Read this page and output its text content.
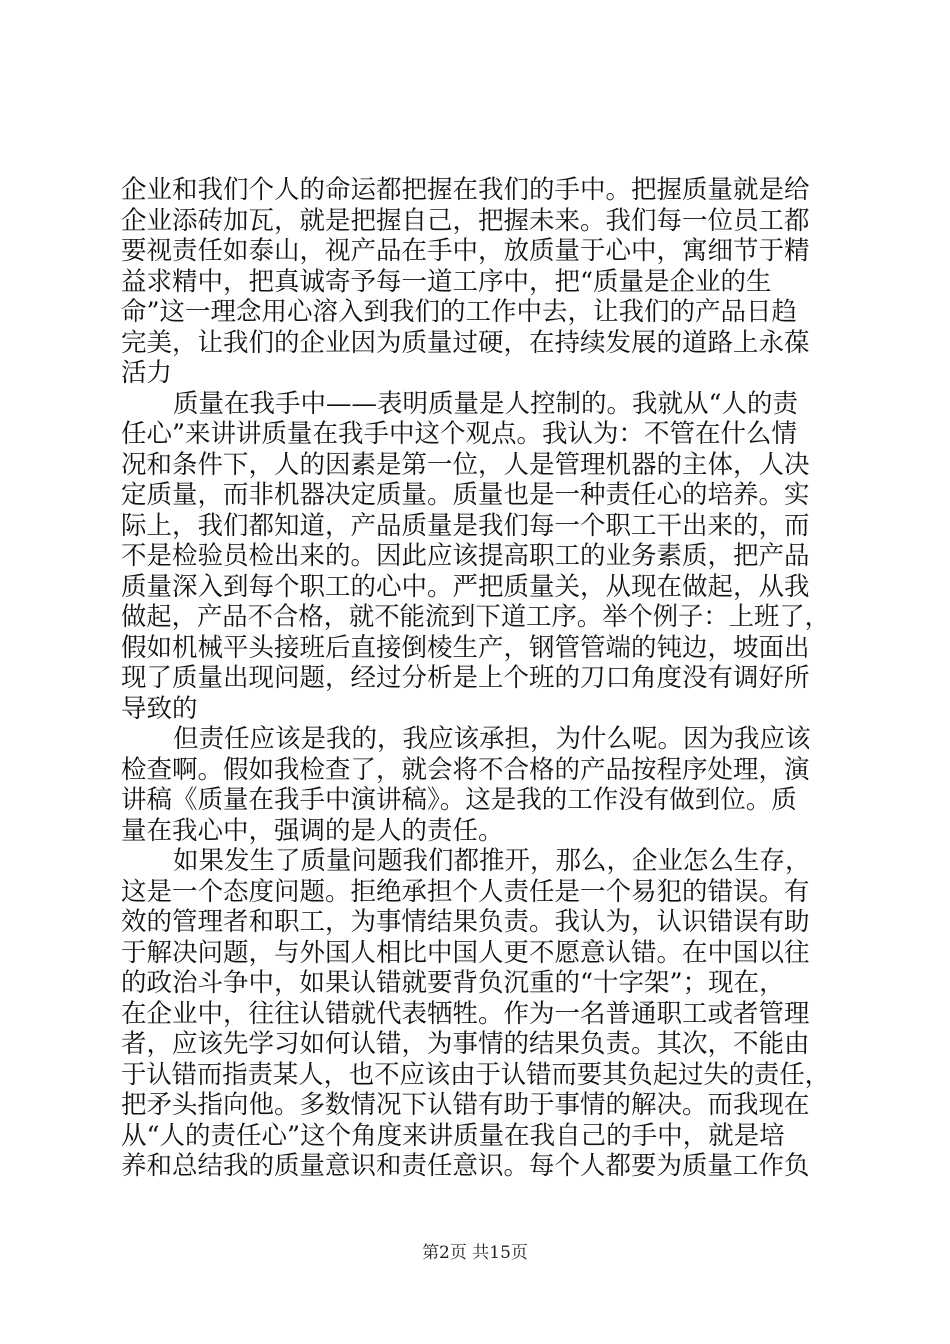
企业和我们个人的命运都把握在我们的手中。把握质量就是给
企业添砖加瓦，就是把握自己，把握未来。我们每一位员工都
要视责任如泰山，视产品在手中，放质量于心中，寓细节于精
益求精中，把真诚寄予每一道工序中，把“质量是企业的生
命”这一理念用心溶入到我们的工作中去，让我们的产品日趋
完美，让我们的企业因为质量过硬，在持续发展的道路上永葆
活力
质量在我手中——表明质量是人控制的。我就从“人的责
任心”来讲讲质量在我手中这个观点。我认为：不管在什么情
况和条件下，人的因素是第一位，人是管理机器的主体，人决
定质量，而非机器决定质量。质量也是一种责任心的培养。实
际上，我们都知道，产品质量是我们每一个职工干出来的，而
不是检验员检出来的。因此应该提高职工的业务素质，把产品
质量深入到每个职工的心中。严把质量关，从现在做起，从我
做起，产品不合格，就不能流到下道工序。举个例子：上班了，
假如机械平头接班后直接倒棱生产，钢管管端的钝边，坡面出
现了质量出现问题，经过分析是上个班的刀口角度没有调好所
导致的
但责任应该是我的，我应该承担，为什么呢。因为我应该
检查啊。假如我检查了，就会将不合格的产品按程序处理，演
讲稿《质量在我手中演讲稿》。这是我的工作没有做到位。质
量在我心中，强调的是人的责任。
如果发生了质量问题我们都推开，那么，企业怎么生存，
这是一个态度问题。拒绝承担个人责任是一个易犯的错误。有
效的管理者和职工，为事情结果负责。我认为，认识错误有助
于解决问题，与外国人相比中国人更不愿意认错。在中国以往
的政治斗争中，如果认错就要背负沉重的“十字架”；现在，
在企业中，往往认错就代表牺牲。作为一名普通职工或者管理
者，应该先学习如何认错，为事情的结果负责。其次，不能由
于认错而指责某人，也不应该由于认错而要其负起过失的责任，
把矛头指向他。多数情况下认错有助于事情的解决。而我现在
第2页 共15页
从“人的责任心”这个角度来讲质量在我自己的手中，就是培
养和总结我的质量意识和责任意识。每个人都要为质量工作负
